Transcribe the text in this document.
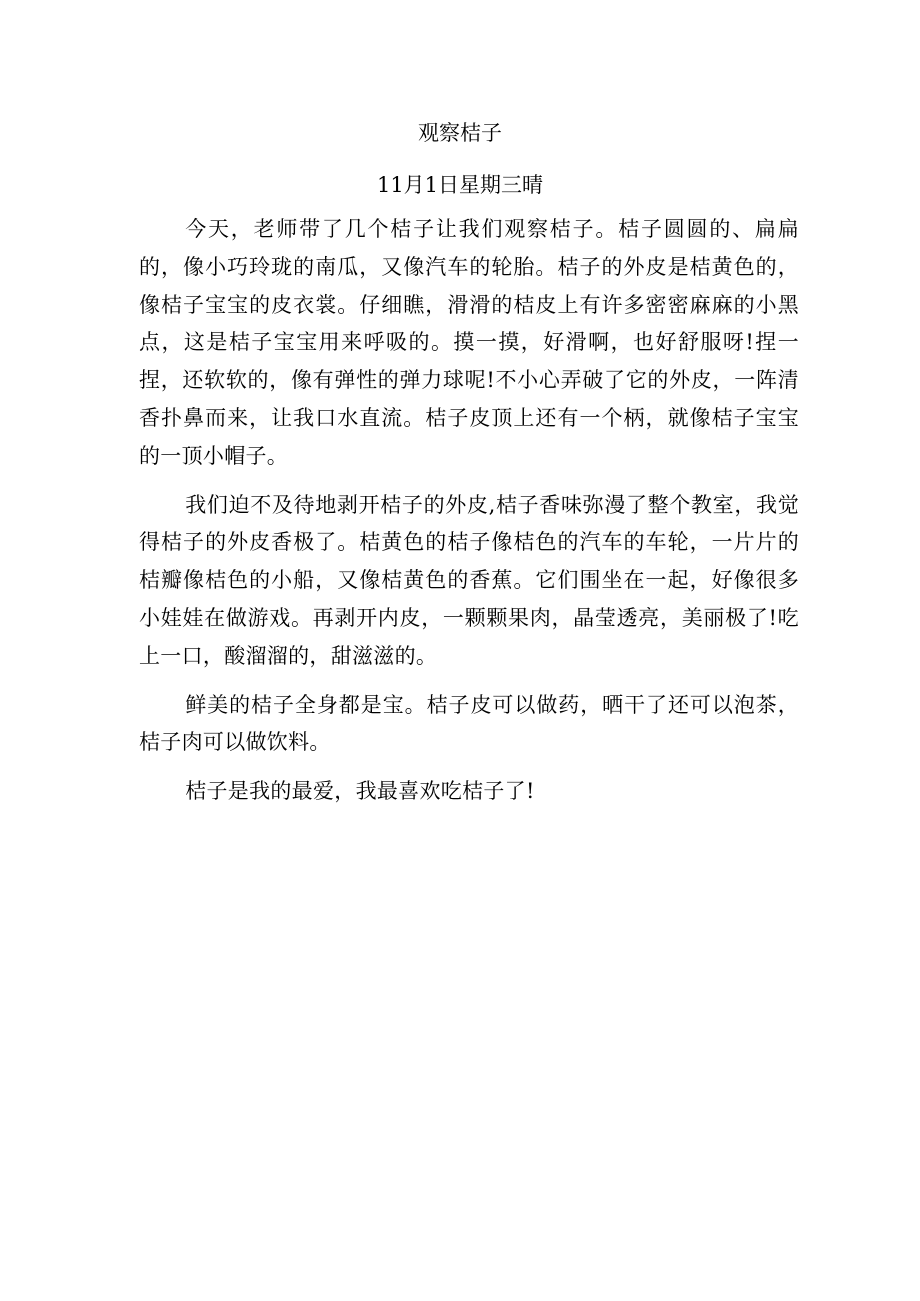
观察桔子
11月1日星期三晴

今天，老师带了几个桔子让我们观察桔子。桔子圆圆的、扁扁的，像小巧玲珑的南瓜，又像汽车的轮胎。桔子的外皮是桔黄色的，像桔子宝宝的皮衣裳。仔细瞧，滑滑的桔皮上有许多密密麻麻的小黑点，这是桔子宝宝用来呼吸的。摸一摸，好滑啊，也好舒服呀!捏一捏，还软软的，像有弹性的弹力球呢!不小心弄破了它的外皮，一阵清香扑鼻而来，让我口水直流。桔子皮顶上还有一个柄，就像桔子宝宝的一顶小帽子。

我们迫不及待地剥开桔子的外皮,桔子香味弥漫了整个教室，我觉得桔子的外皮香极了。桔黄色的桔子像桔色的汽车的车轮，一片片的桔瓣像桔色的小船，又像桔黄色的香蕉。它们围坐在一起，好像很多小娃娃在做游戏。再剥开内皮，一颗颗果肉，晶莹透亮，美丽极了!吃上一口，酸溜溜的，甜滋滋的。

鲜美的桔子全身都是宝。桔子皮可以做药，晒干了还可以泡茶，桔子肉可以做饮料。

桔子是我的最爱，我最喜欢吃桔子了!
